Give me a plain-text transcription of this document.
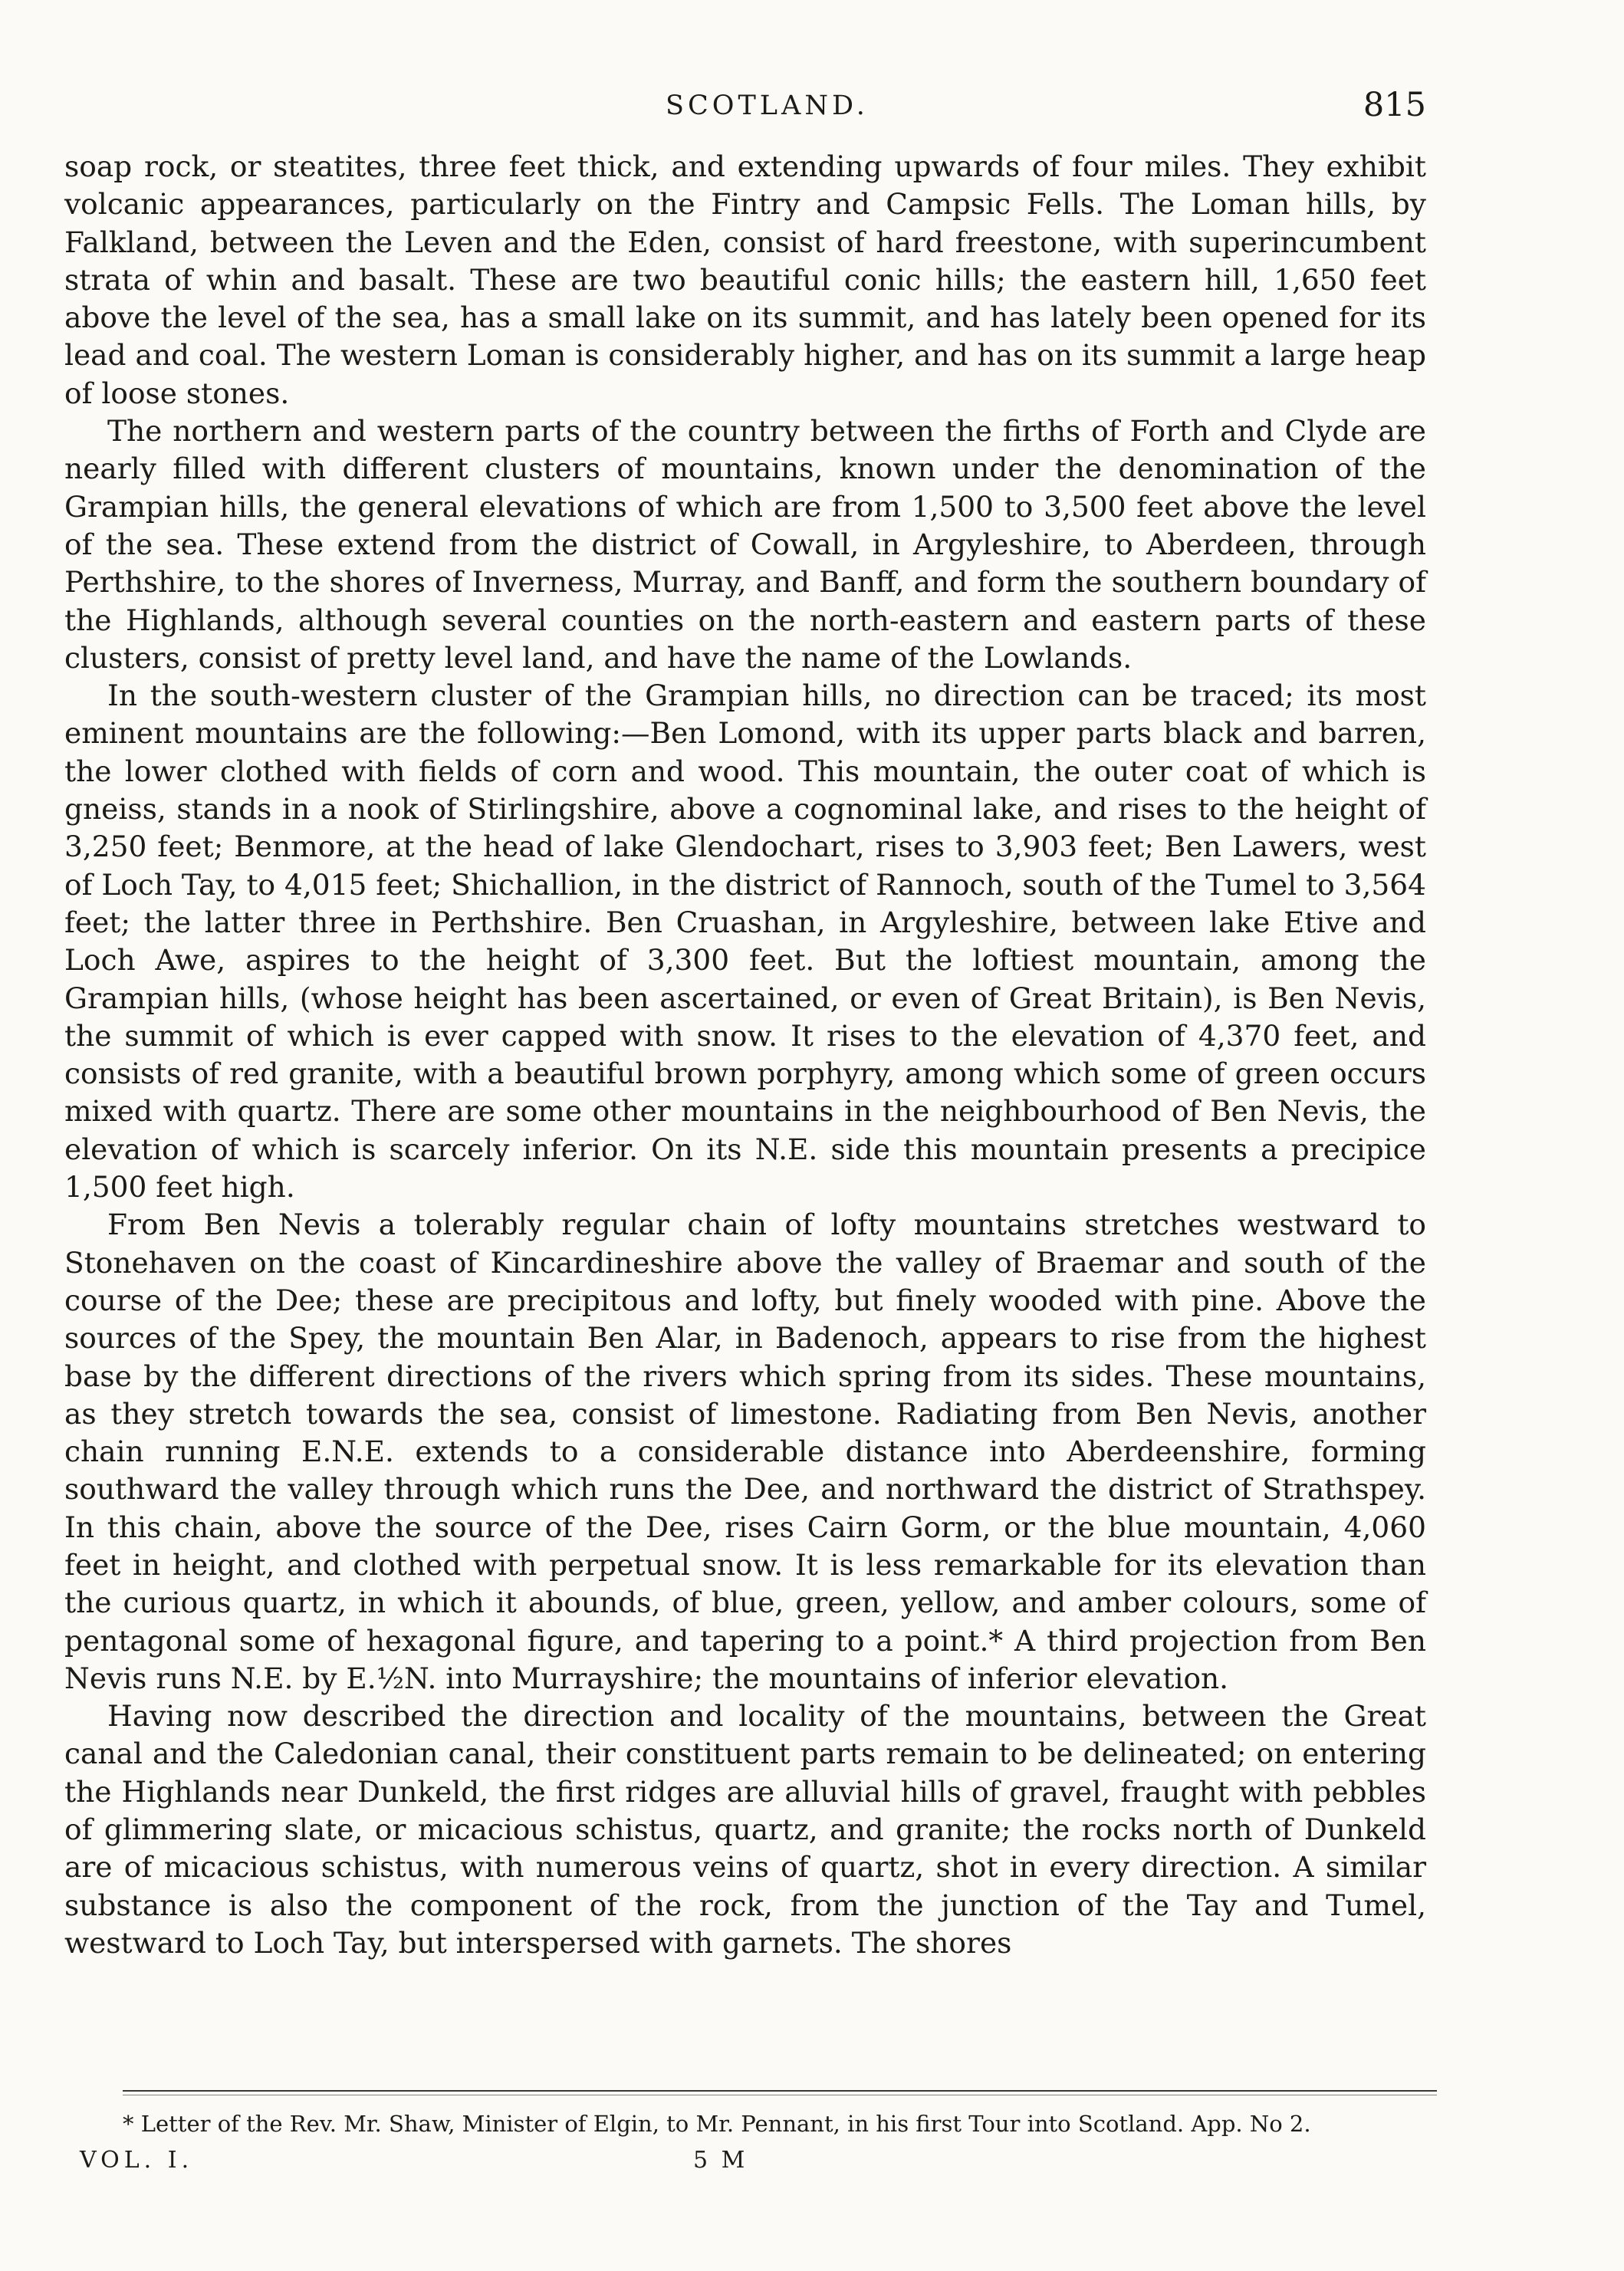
SCOTLAND.	815

soap rock, or steatites, three feet thick, and extending upwards of four miles. They exhibit volcanic appearances, particularly on the Fintry and Campsic Fells. The Loman hills, by Falkland, between the Leven and the Eden, consist of hard freestone, with superincumbent strata of whin and basalt. These are two beautiful conic hills; the eastern hill, 1,650 feet above the level of the sea, has a small lake on its summit, and has lately been opened for its lead and coal. The western Loman is considerably higher, and has on its summit a large heap of loose stones.

The northern and western parts of the country between the firths of Forth and Clyde are nearly filled with different clusters of mountains, known under the denomination of the Grampian hills, the general elevations of which are from 1,500 to 3,500 feet above the level of the sea. These extend from the district of Cowall, in Argyleshire, to Aberdeen, through Perthshire, to the shores of Inverness, Murray, and Banff, and form the southern boundary of the Highlands, although several counties on the north-eastern and eastern parts of these clusters, consist of pretty level land, and have the name of the Lowlands.

In the south-western cluster of the Grampian hills, no direction can be traced; its most eminent mountains are the following:—Ben Lomond, with its upper parts black and barren, the lower clothed with fields of corn and wood. This mountain, the outer coat of which is gneiss, stands in a nook of Stirlingshire, above a cognominal lake, and rises to the height of 3,250 feet; Benmore, at the head of lake Glendochart, rises to 3,903 feet; Ben Lawers, west of Loch Tay, to 4,015 feet; Shichallion, in the district of Rannoch, south of the Tumel to 3,564 feet; the latter three in Perthshire. Ben Cruashan, in Argyleshire, between lake Etive and Loch Awe, aspires to the height of 3,300 feet. But the loftiest mountain, among the Grampian hills, (whose height has been ascertained, or even of Great Britain), is Ben Nevis, the summit of which is ever capped with snow. It rises to the elevation of 4,370 feet, and consists of red granite, with a beautiful brown porphyry, among which some of green occurs mixed with quartz. There are some other mountains in the neighbourhood of Ben Nevis, the elevation of which is scarcely inferior. On its N.E. side this mountain presents a precipice 1,500 feet high.

From Ben Nevis a tolerably regular chain of lofty mountains stretches westward to Stonehaven on the coast of Kincardineshire above the valley of Braemar and south of the course of the Dee; these are precipitous and lofty, but finely wooded with pine. Above the sources of the Spey, the mountain Ben Alar, in Badenoch, appears to rise from the highest base by the different directions of the rivers which spring from its sides. These mountains, as they stretch towards the sea, consist of limestone. Radiating from Ben Nevis, another chain running E.N.E. extends to a considerable distance into Aberdeenshire, forming southward the valley through which runs the Dee, and northward the district of Strathspey. In this chain, above the source of the Dee, rises Cairn Gorm, or the blue mountain, 4,060 feet in height, and clothed with perpetual snow. It is less remarkable for its elevation than the curious quartz, in which it abounds, of blue, green, yellow, and amber colours, some of pentagonal some of hexagonal figure, and tapering to a point.* A third projection from Ben Nevis runs N.E. by E.½N. into Murrayshire; the mountains of inferior elevation.

Having now described the direction and locality of the mountains, between the Great canal and the Caledonian canal, their constituent parts remain to be delineated; on entering the Highlands near Dunkeld, the first ridges are alluvial hills of gravel, fraught with pebbles of glimmering slate, or micacious schistus, quartz, and granite; the rocks north of Dunkeld are of micacious schistus, with numerous veins of quartz, shot in every direction. A similar substance is also the component of the rock, from the junction of the Tay and Tumel, westward to Loch Tay, but interspersed with garnets. The shores

* Letter of the Rev. Mr. Shaw, Minister of Elgin, to Mr. Pennant, in his first Tour into Scotland. App. No 2.
VOL. I.	5 M
